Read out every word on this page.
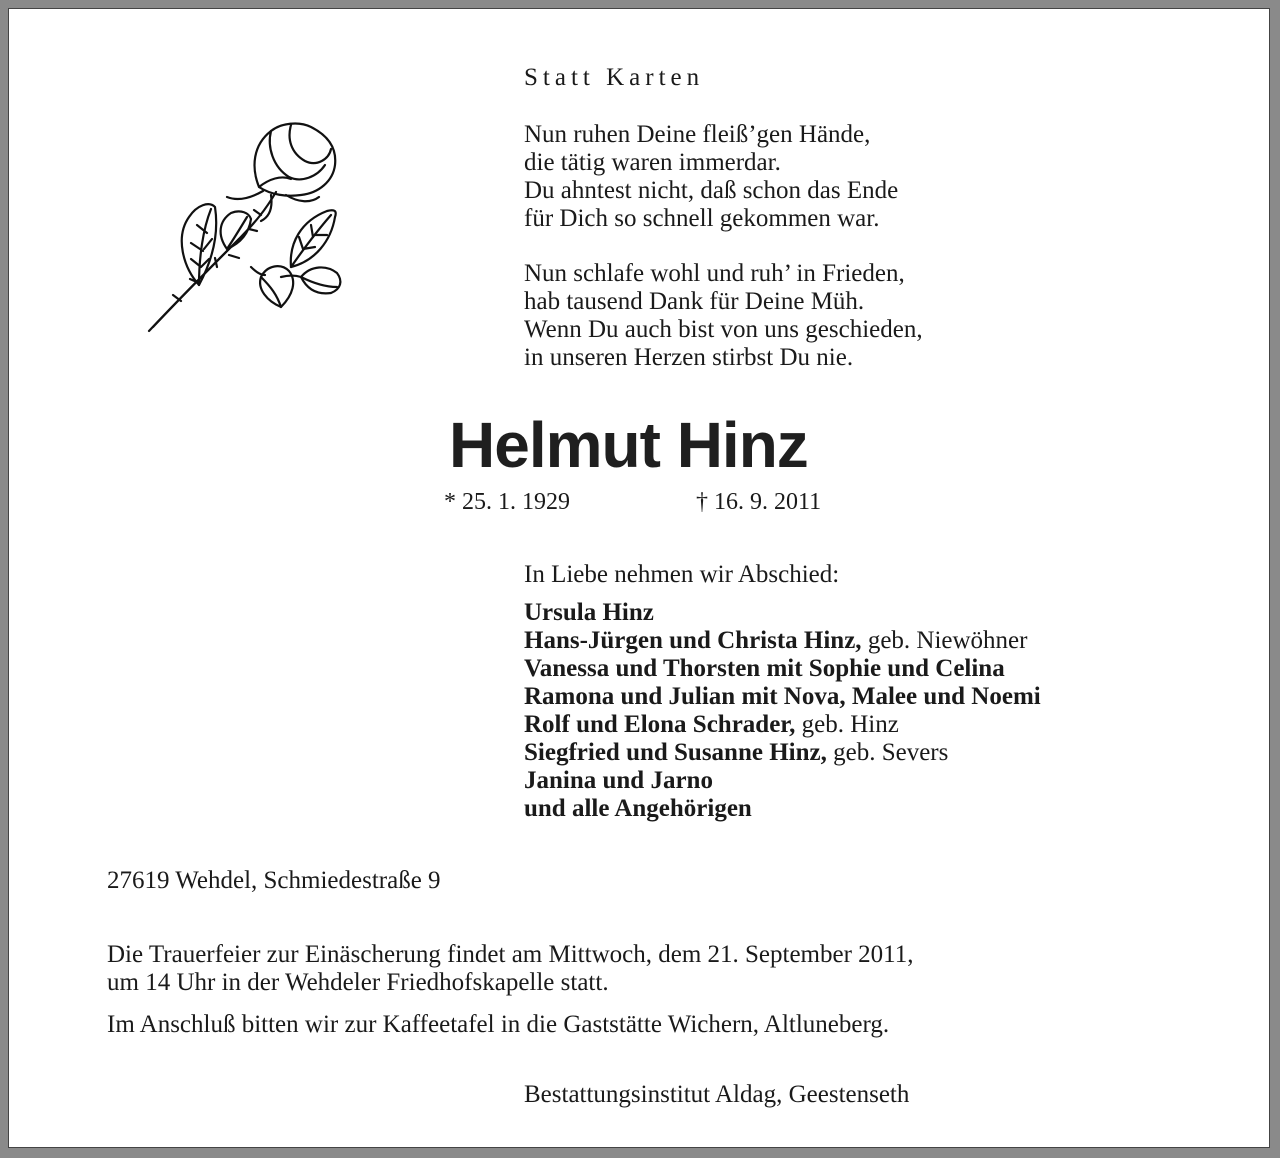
Statt Karten
Nun ruhen Deine fleiß’gen Hände,
die tätig waren immerdar.
Du ahntest nicht, daß schon das Ende
für Dich so schnell gekommen war.
Nun schlafe wohl und ruh’ in Frieden,
hab tausend Dank für Deine Müh.
Wenn Du auch bist von uns geschieden,
in unseren Herzen stirbst Du nie.
Helmut Hinz
* 25. 1. 1929	† 16. 9. 2011
In Liebe nehmen wir Abschied:
Ursula Hinz
Hans-Jürgen und Christa Hinz, geb. Niewöhner
Vanessa und Thorsten mit Sophie und Celina
Ramona und Julian mit Nova, Malee und Noemi
Rolf und Elona Schrader, geb. Hinz
Siegfried und Susanne Hinz, geb. Severs
Janina und Jarno
und alle Angehörigen
27619 Wehdel, Schmiedestraße 9
Die Trauerfeier zur Einäscherung findet am Mittwoch, dem 21. September 2011,
um 14 Uhr in der Wehdeler Friedhofskapelle statt.
Im Anschluß bitten wir zur Kaffeetafel in die Gaststätte Wichern, Altluneberg.
Bestattungsinstitut Aldag, Geestenseth
